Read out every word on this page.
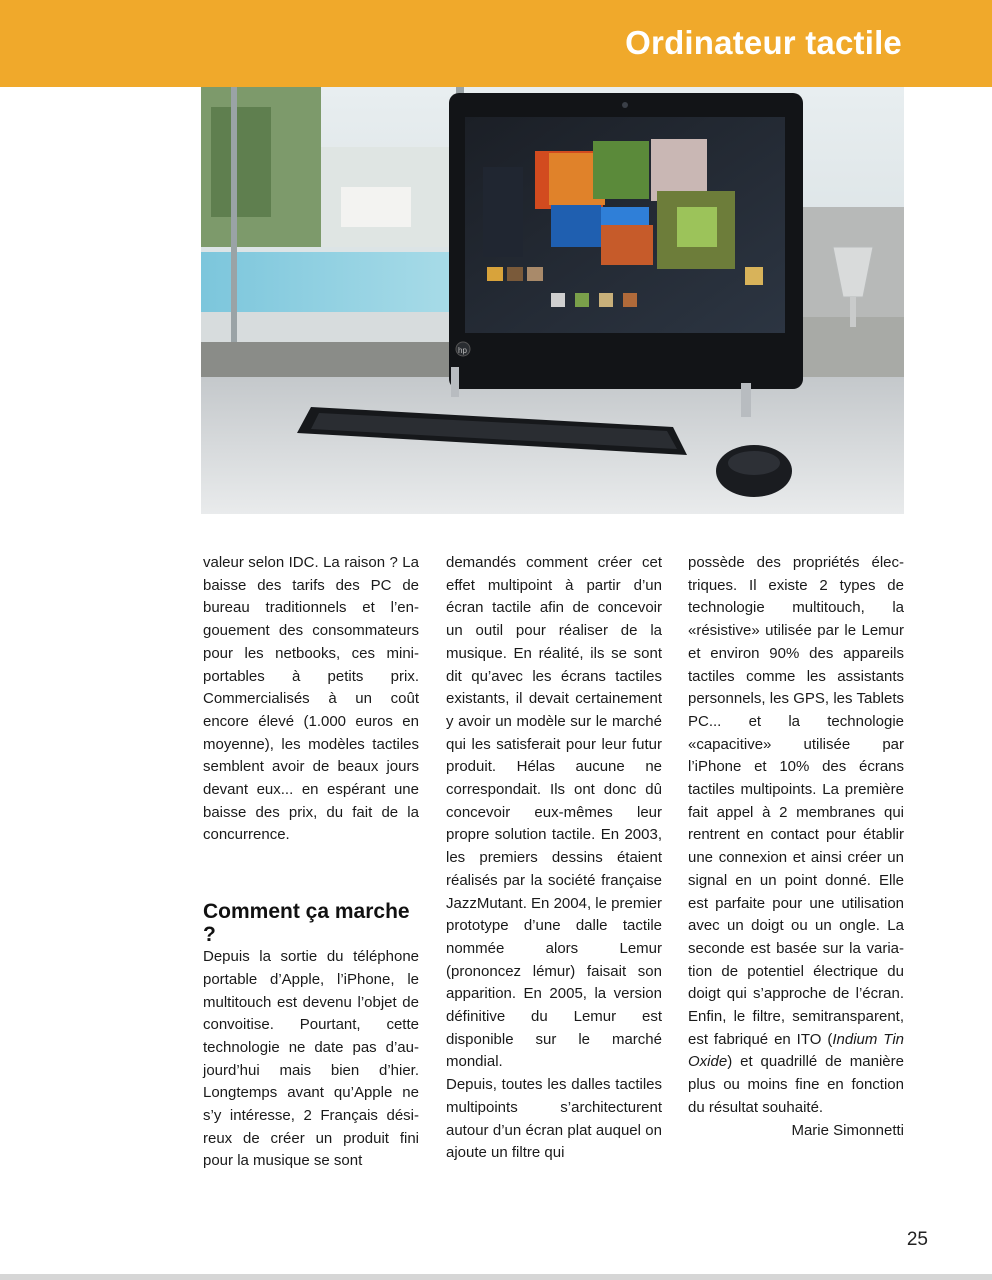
Ordinateur tactile
hp

valeur selon IDC. La raison ? La baisse des tarifs des PC de bureau traditionnels et l’engouement des consommateurs pour les netbooks, ces miniportables à petits prix. Commercialisés à un coût encore élevé (1.000 euros en moyenne), les modèles tactiles semblent avoir de beaux jours devant eux... en espérant une baisse des prix, du fait de la concurrence.

Comment ça marche ?

Depuis la sortie du téléphone portable d’Apple, l’iPhone, le multitouch est devenu l’objet de convoitise. Pourtant, cette technologie ne date pas d’aujourd’hui mais bien d’hier. Longtemps avant qu’Apple ne s’y intéresse, 2 Français désireux de créer un produit fini pour la musique se sont

demandés comment créer cet effet multipoint à partir d’un écran tactile afin de concevoir un outil pour réaliser de la musique. En réalité, ils se sont dit qu’avec les écrans tactiles existants, il devait certainement y avoir un modèle sur le marché qui les satisferait pour leur futur produit. Hélas aucune ne correspondait. Ils ont donc dû concevoir eux-mêmes leur propre solution tactile. En 2003, les premiers dessins étaient réalisés par la société française JazzMutant. En 2004, le premier prototype d’une dalle tactile nommée alors Lemur (prononcez lémur) faisait son apparition. En 2005, la version définitive du Lemur est disponible sur le marché mondial.

Depuis, toutes les dalles tactiles multipoints s’architecturent autour d’un écran plat auquel on ajoute un filtre qui

possède des propriétés électriques. Il existe 2 types de technologie multitouch, la «résistive» utilisée par le Lemur et environ 90% des appareils tactiles comme les assistants personnels, les GPS, les Tablets PC... et la technologie «capacitive» utilisée par l’iPhone et 10% des écrans tactiles multipoints. La première fait appel à 2 membranes qui rentrent en contact pour établir une connexion et ainsi créer un signal en un point donné. Elle est parfaite pour une utilisation avec un doigt ou un ongle. La seconde est basée sur la variation de potentiel électrique du doigt qui s’approche de l’écran. Enfin, le filtre, semitransparent, est fabriqué en ITO (Indium Tin Oxide) et quadrillé de manière plus ou moins fine en fonction du résultat souhaité.

Marie Simonnetti

25
